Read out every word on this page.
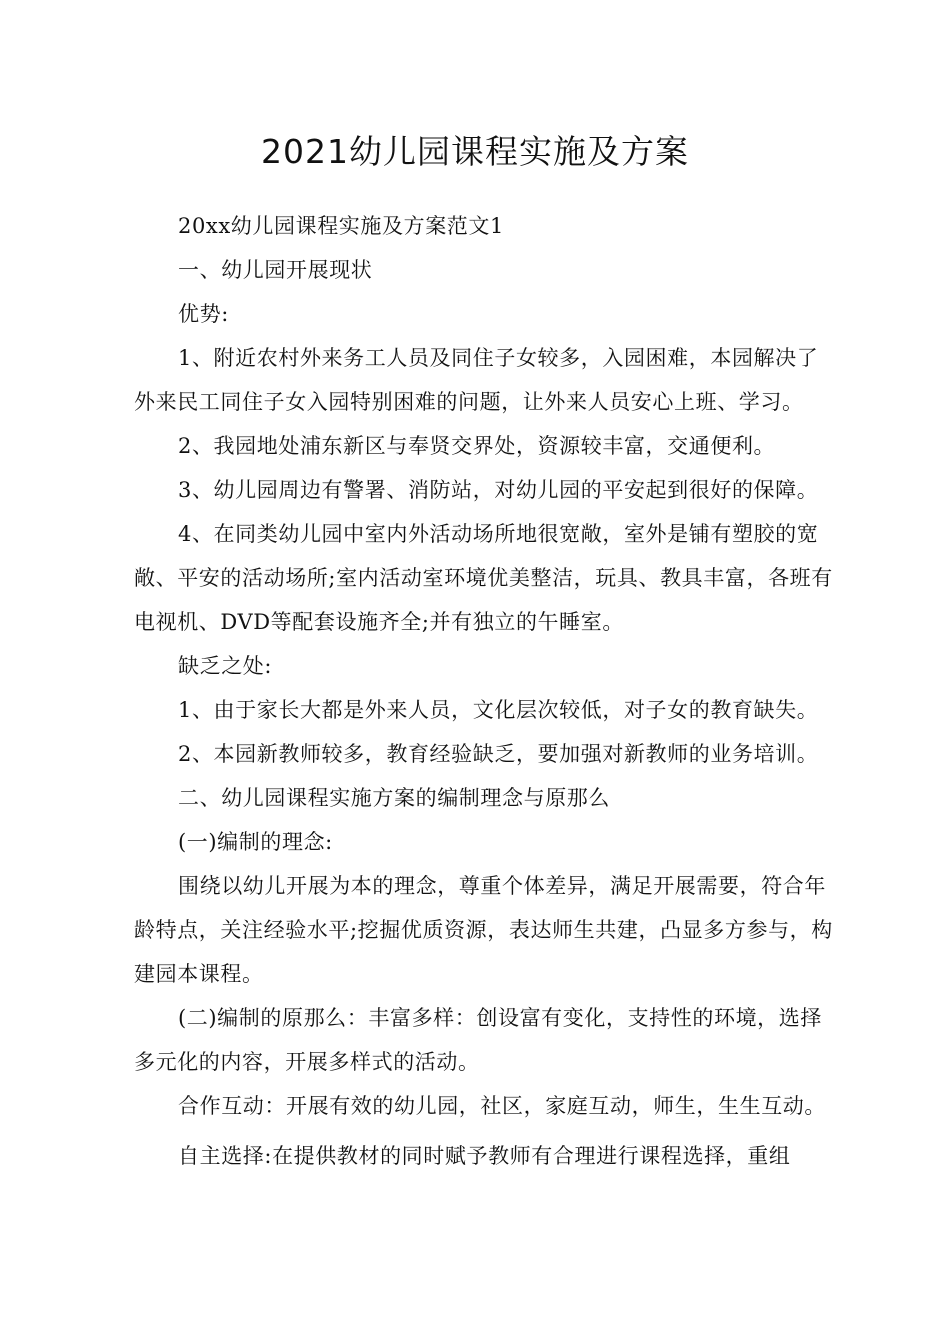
2021幼儿园课程实施及方案

20xx幼儿园课程实施及方案范文1

一、幼儿园开展现状

优势:

1、附近农村外来务工人员及同住子女较多，入园困难，本园解决了外来民工同住子女入园特别困难的问题，让外来人员安心上班、学习。

2、我园地处浦东新区与奉贤交界处，资源较丰富，交通便利。

3、幼儿园周边有警署、消防站，对幼儿园的平安起到很好的保障。

4、在同类幼儿园中室内外活动场所地很宽敞，室外是铺有塑胶的宽敞、平安的活动场所;室内活动室环境优美整洁，玩具、教具丰富，各班有电视机、DVD等配套设施齐全;并有独立的午睡室。

缺乏之处:

1、由于家长大都是外来人员，文化层次较低，对子女的教育缺失。

2、本园新教师较多，教育经验缺乏，要加强对新教师的业务培训。

二、幼儿园课程实施方案的编制理念与原那么

(一)编制的理念:

围绕以幼儿开展为本的理念，尊重个体差异，满足开展需要，符合年龄特点，关注经验水平;挖掘优质资源，表达师生共建，凸显多方参与，构建园本课程。

(二)编制的原那么：丰富多样：创设富有变化，支持性的环境，选择多元化的内容，开展多样式的活动。

合作互动：开展有效的幼儿园，社区，家庭互动，师生，生生互动。

自主选择:在提供教材的同时赋予教师有合理进行课程选择，重组
